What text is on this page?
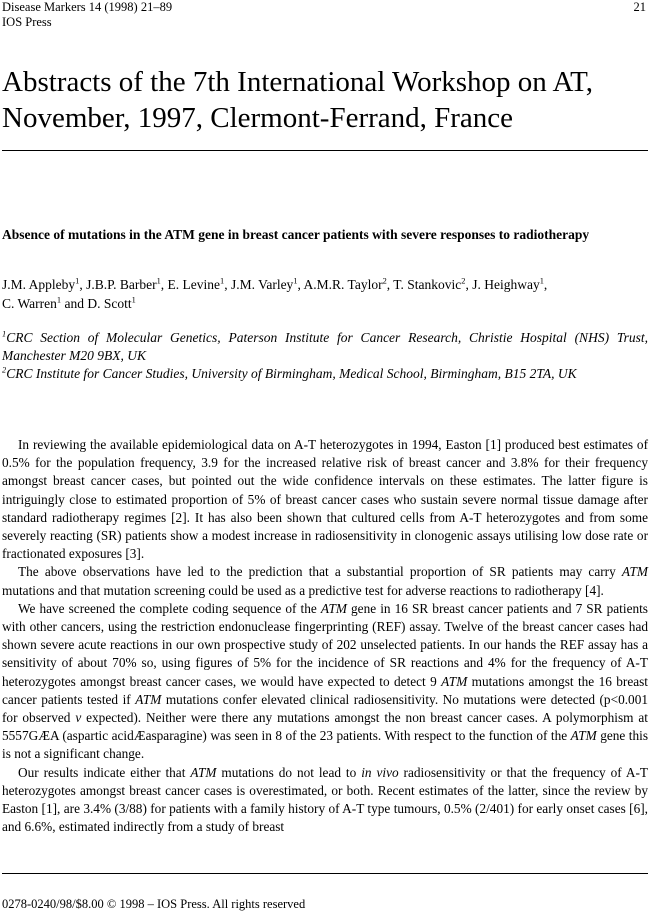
Disease Markers 14 (1998) 21–89
IOS Press
21
Abstracts of the 7th International Workshop on AT,
November, 1997, Clermont-Ferrand, France
Absence of mutations in the ATM gene in breast cancer patients with severe responses to radiotherapy
J.M. Appleby$^1$, J.B.P. Barber$^1$, E. Levine$^1$, J.M. Varley$^1$, A.M.R. Taylor$^2$, T. Stankovic$^2$, J. Heighway$^1$,
C. Warren$^1$ and D. Scott$^1$

$^1$CRC Section of Molecular Genetics, Paterson Institute for Cancer Research, Christie Hospital (NHS) Trust, Manchester M20 9BX, UK

$^2$CRC Institute for Cancer Studies, University of Birmingham, Medical School, Birmingham, B15 2TA, UK

In reviewing the available epidemiological data on A-T heterozygotes in 1994, Easton [1] produced best estimates of 0.5% for the population frequency, 3.9 for the increased relative risk of breast cancer and 3.8% for their frequency amongst breast cancer cases, but pointed out the wide confidence intervals on these estimates. The latter figure is intriguingly close to estimated proportion of 5% of breast cancer cases who sustain severe normal tissue damage after standard radiotherapy regimes [2]. It has also been shown that cultured cells from A-T heterozygotes and from some severely reacting (SR) patients show a modest increase in radiosensitivity in clonogenic assays utilising low dose rate or fractionated exposures [3].

The above observations have led to the prediction that a substantial proportion of SR patients may carry ATM mutations and that mutation screening could be used as a predictive test for adverse reactions to radiotherapy [4].

We have screened the complete coding sequence of the ATM gene in 16 SR breast cancer patients and 7 SR patients with other cancers, using the restriction endonuclease fingerprinting (REF) assay. Twelve of the breast cancer cases had shown severe acute reactions in our own prospective study of 202 unselected patients. In our hands the REF assay has a sensitivity of about 70% so, using figures of 5% for the incidence of SR reactions and 4% for the frequency of A-T heterozygotes amongst breast cancer cases, we would have expected to detect 9 ATM mutations amongst the 16 breast cancer patients tested if ATM mutations confer elevated clinical radiosensitivity. No mutations were detected (p<0.001 for observed v expected). Neither were there any mutations amongst the non breast cancer cases. A polymorphism at 5557GÆA (aspartic acidÆasparagine) was seen in 8 of the 23 patients. With respect to the function of the ATM gene this is not a significant change.

Our results indicate either that ATM mutations do not lead to in vivo radiosensitivity or that the frequency of A-T heterozygotes amongst breast cancer cases is overestimated, or both. Recent estimates of the latter, since the review by Easton [1], are 3.4% (3/88) for patients with a family history of A-T type tumours, 0.5% (2/401) for early onset cases [6], and 6.6%, estimated indirectly from a study of breast

0278-0240/98/$8.00 © 1998 – IOS Press. All rights reserved
